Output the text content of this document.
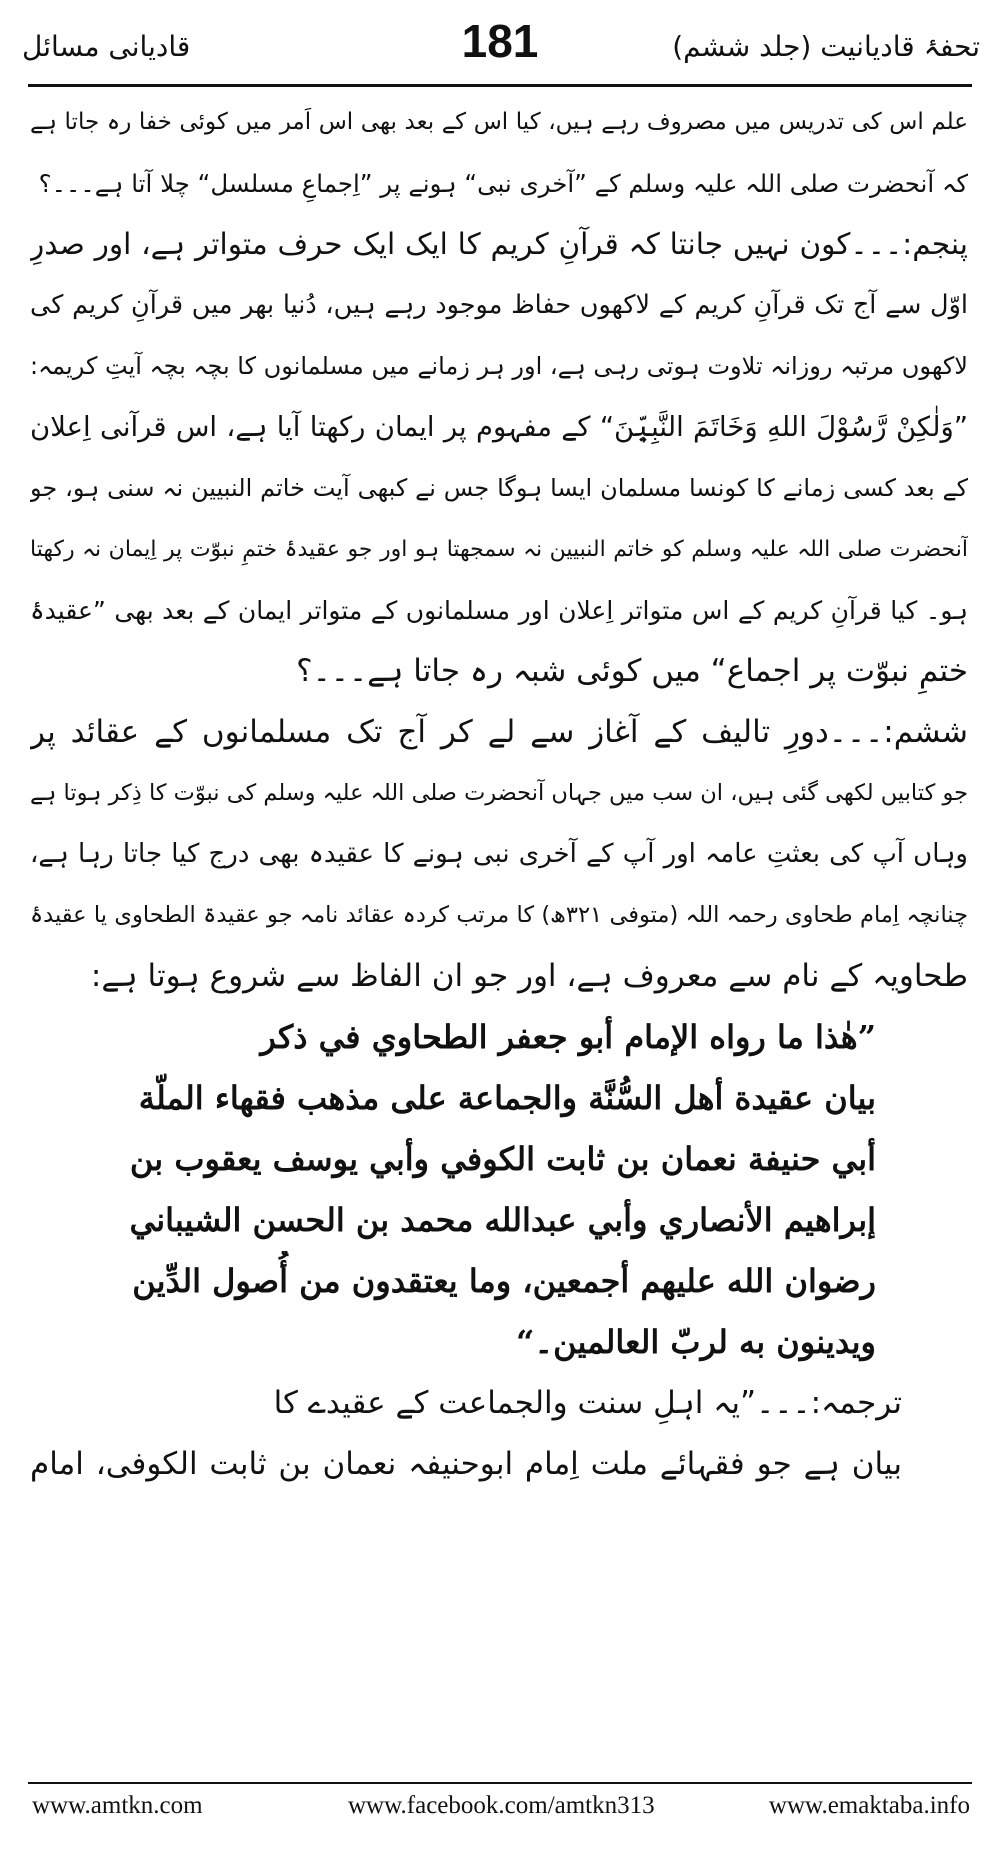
تحفۂ قادیانیت (جلد ششم)
181
قادیانی مسائل
علم اس کی تدریس میں مصروف رہے ہیں، کیا اس کے بعد بھی اس اَمر میں کوئی خفا رہ جاتا ہے
کہ آنحضرت صلی اللہ علیہ وسلم کے ”آخری نبی“ ہونے پر ”اِجماعِ مسلسل“ چلا آتا ہے۔۔۔؟
پنجم:۔۔۔کون نہیں جانتا کہ قرآنِ کریم کا ایک ایک حرف متواتر ہے، اور صدرِ
اوّل سے آج تک قرآنِ کریم کے لاکھوں حفاظ موجود رہے ہیں، دُنیا بھر میں قرآنِ کریم کی
لاکھوں مرتبہ روزانہ تلاوت ہوتی رہی ہے، اور ہر زمانے میں مسلمانوں کا بچہ بچہ آیتِ کریمہ:
”وَلٰکِنْ رَّسُوْلَ اللهِ وَخَاتَمَ النَّبِيّٖنَ“ کے مفہوم پر ایمان رکھتا آیا ہے، اس قرآنی اِعلان
کے بعد کسی زمانے کا کونسا مسلمان ایسا ہوگا جس نے کبھی آیت خاتم النبیین نہ سنی ہو، جو
آنحضرت صلی اللہ علیہ وسلم کو خاتم النبیین نہ سمجھتا ہو اور جو عقیدۂ ختمِ نبوّت پر اِیمان نہ رکھتا
ہو۔ کیا قرآنِ کریم کے اس متواتر اِعلان اور مسلمانوں کے متواتر ایمان کے بعد بھی ”عقیدۂ
ختمِ نبوّت پر اجماع“ میں کوئی شبہ رہ جاتا ہے۔۔۔؟
ششم:۔۔۔دورِ تالیف کے آغاز سے لے کر آج تک مسلمانوں کے عقائد پر
جو کتابیں لکھی گئی ہیں، ان سب میں جہاں آنحضرت صلی اللہ علیہ وسلم کی نبوّت کا ذِکر ہوتا ہے
وہاں آپ کی بعثتِ عامہ اور آپ کے آخری نبی ہونے کا عقیدہ بھی درج کیا جاتا رہا ہے،
چنانچہ اِمام طحاوی رحمہ اللہ (متوفی ۳۲۱ھ) کا مرتب کردہ عقائد نامہ جو عقیدۃ الطحاوی یا عقیدۂ
طحاویہ کے نام سے معروف ہے، اور جو ان الفاظ سے شروع ہوتا ہے:
”هٰذا ما رواه الإمام أبو جعفر الطحاوي في ذكر
بيان عقيدة أهل السُّنَّة والجماعة على مذهب فقهاء الملّة
أبي حنيفة نعمان بن ثابت الكوفي وأبي يوسف يعقوب بن
إبراهيم الأنصاري وأبي عبدالله محمد بن الحسن الشيباني
رضوان الله عليهم أجمعين، وما يعتقدون من أُصول الدِّين
ويدينون به لربّ العالمين۔“
ترجمہ:۔۔۔”یہ اہلِ سنت والجماعت کے عقیدے کا
بیان ہے جو فقہائے ملت اِمام ابوحنیفہ نعمان بن ثابت الکوفی، امام
www.amtkn.com	www.facebook.com/amtkn313	www.emaktaba.info
